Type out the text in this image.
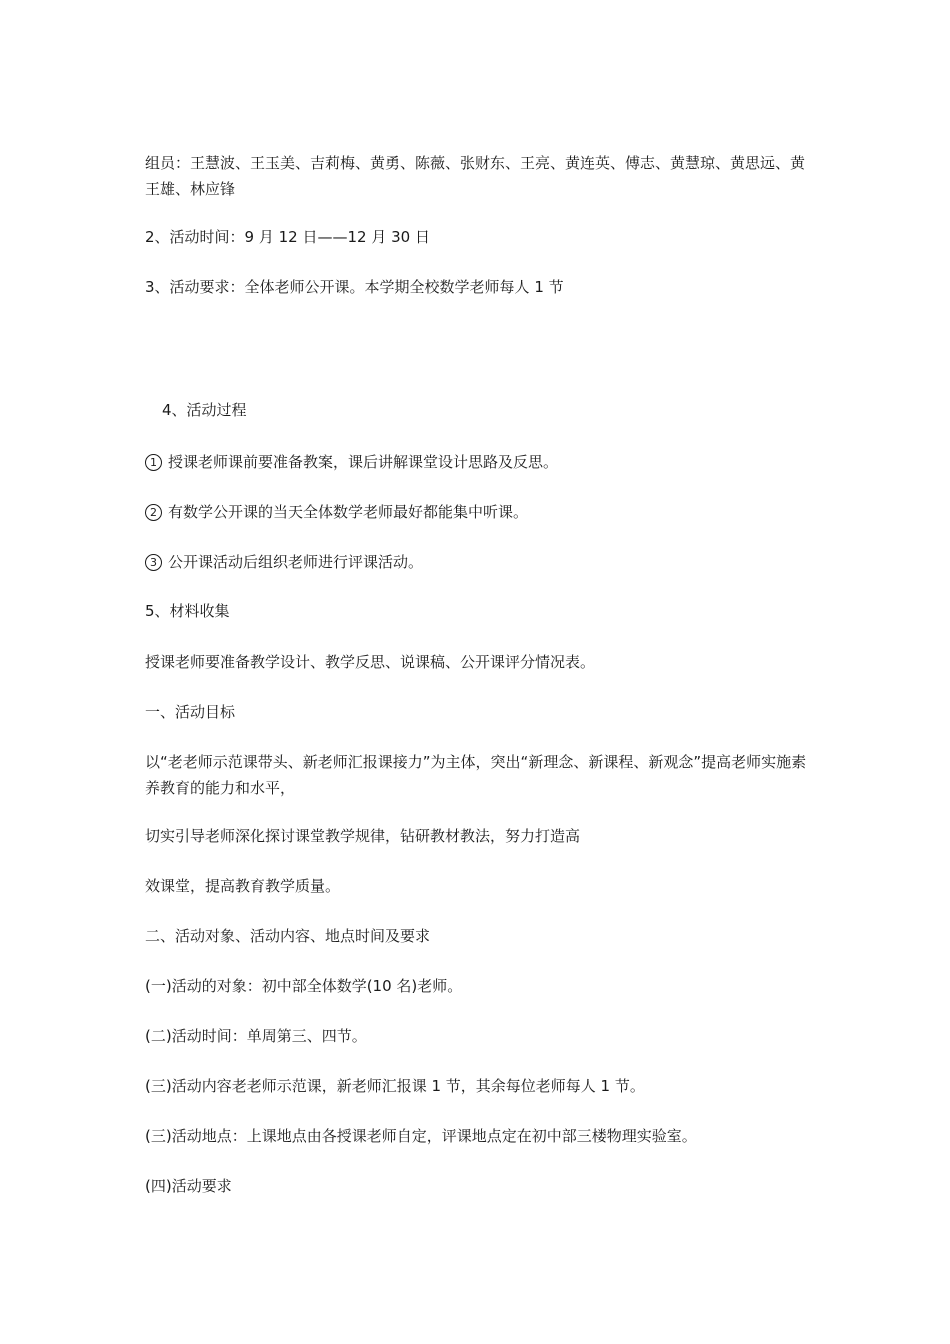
组员：王慧波、王玉美、吉莉梅、黄勇、陈薇、张财东、王亮、黄连英、傅志、黄慧琼、黄思远、黄王雄、林应锋

2、活动时间：9 月 12 日——12 月 30 日

3、活动要求：全体老师公开课。本学期全校数学老师每人 1 节

4、活动过程

1 授课老师课前要准备教案，课后讲解课堂设计思路及反思。

2 有数学公开课的当天全体数学老师最好都能集中听课。

3 公开课活动后组织老师进行评课活动。

5、材料收集

授课老师要准备教学设计、教学反思、说课稿、公开课评分情况表。

一、活动目标

以“老老师示范课带头、新老师汇报课接力”为主体，突出“新理念、新课程、新观念”提高老师实施素养教育的能力和水平，

切实引导老师深化探讨课堂教学规律，钻研教材教法，努力打造高

效课堂，提高教育教学质量。

二、活动对象、活动内容、地点时间及要求

(一)活动的对象：初中部全体数学(10 名)老师。

(二)活动时间：单周第三、四节。

(三)活动内容老老师示范课，新老师汇报课 1 节，其余每位老师每人 1 节。

(三)活动地点：上课地点由各授课老师自定，评课地点定在初中部三楼物理实验室。

(四)活动要求
